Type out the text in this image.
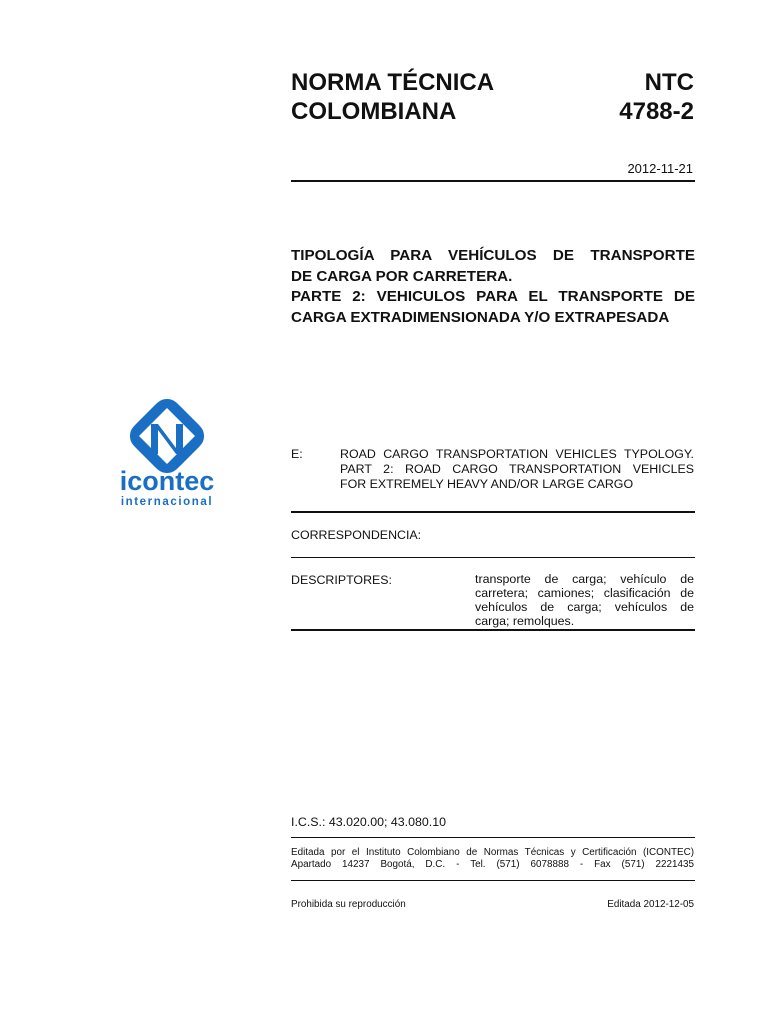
NORMA TÉCNICA
COLOMBIANA
NTC
4788-2
2012-11-21
TIPOLOGÍA PARA VEHÍCULOS DE TRANSPORTE
DE CARGA POR CARRETERA.
PARTE 2: VEHICULOS PARA EL TRANSPORTE DE
CARGA EXTRADIMENSIONADA Y/O EXTRAPESADA
icontec
internacional
E:	ROAD CARGO TRANSPORTATION VEHICLES TYPOLOGY.
PART 2: ROAD CARGO TRANSPORTATION VEHICLES
FOR EXTREMELY HEAVY AND/OR LARGE CARGO
CORRESPONDENCIA:
DESCRIPTORES:	transporte de carga; vehículo de
carretera; camiones; clasificación de
vehículos de carga; vehículos de
carga; remolques.
I.C.S.: 43.020.00; 43.080.10
Editada por el Instituto Colombiano de Normas Técnicas y Certificación (ICONTEC)
Apartado 14237 Bogotá, D.C. - Tel. (571) 6078888 - Fax (571) 2221435
Prohibida su reproducción	Editada 2012-12-05
